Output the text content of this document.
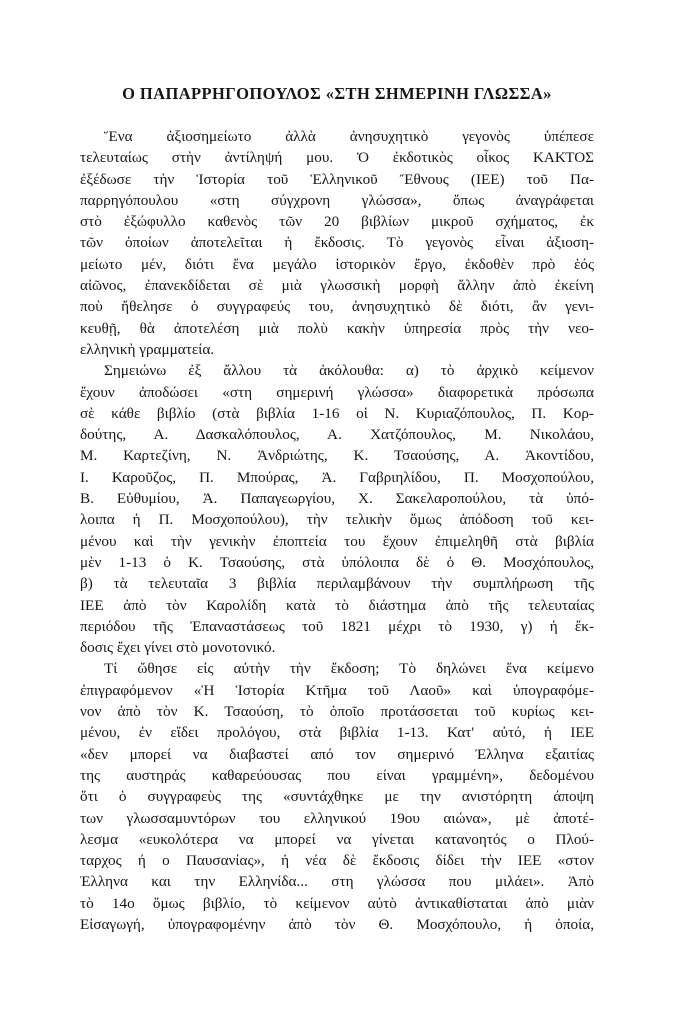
Ο ΠΑΠΑΡΡΗΓΟΠΟΥΛΟΣ «ΣΤΗ ΣΗΜΕΡΙΝΗ ΓΛΩΣΣΑ»
Ἕνα ἀξιοσημείωτο ἀλλὰ ἀνησυχητικὸ γεγονὸς ὑπέπεσε
τελευταίως στὴν ἀντίληψή μου. Ὁ ἐκδοτικὸς οἶκος ΚΑΚΤΟΣ
ἐξέδωσε τὴν Ἱστορία τοῦ Ἑλληνικοῦ Ἔθνους (ΙΕΕ) τοῦ Πα-
παρρηγόπουλου «στη σύγχρονη γλώσσα», ὅπως ἀναγράφεται
στὸ ἐξώφυλλο καθενὸς τῶν 20 βιβλίων μικροῦ σχήματος, ἐκ
τῶν ὁποίων ἀποτελεῖται ἡ ἔκδοσις. Τὸ γεγονὸς εἶναι ἀξιοση-
μείωτο μέν, διότι ἕνα μεγάλο ἱστορικὸν ἔργο, ἐκδοθὲν πρὸ ἑός
αἰῶνος, ἐπανεκδίδεται σὲ μιὰ γλωσσικὴ μορφὴ ἄλλην ἀπὸ ἐκείνη
ποὺ ἤθελησε ὁ συγγραφεύς του, ἀνησυχητικὸ δὲ διότι, ἂν γενι-
κευθῇ, θὰ ἀποτελέση μιὰ πολὺ κακὴν ὑπηρεσία πρὸς τὴν νεο-
ελληνικὴ γραμματεία.
Σημειώνω ἐξ ἄλλου τὰ ἀκόλουθα: α) τὸ ἀρχικὸ κείμενον
ἔχουν ἀποδώσει «στη σημερινή γλώσσα» διαφορετικὰ πρόσωπα
σὲ κάθε βιβλίο (στὰ βιβλία 1-16 οἱ Ν. Κυριαζόπουλος, Π. Κορ-
δούτης, Α. Δασκαλόπουλος, Α. Χατζόπουλος, Μ. Νικολάου,
Μ. Καρτεζίνη, Ν. Ἀνδριώτης, Κ. Τσαούσης, Α. Ἀκοντίδου,
Ι. Καροῦζος, Π. Μπούρας, Ἀ. Γαβριηλίδου, Π. Μοσχοπούλου,
Β. Εὐθυμίου, Ἀ. Παπαγεωργίου, Χ. Σακελαροπούλου, τὰ ὑπό-
λοιπα ἡ Π. Μοσχοπούλου), τὴν τελικὴν ὅμως ἀπόδοση τοῦ κει-
μένου καὶ τὴν γενικὴν ἐποπτεία του ἔχουν ἐπιμεληθῆ στὰ βιβλία
μὲν 1-13 ὁ Κ. Τσαούσης, στὰ ὑπόλοιπα δὲ ὁ Θ. Μοσχόπουλος,
β) τὰ τελευταῖα 3 βιβλία περιλαμβάνουν τὴν συμπλήρωση τῆς
ΙΕΕ ἀπὸ τὸν Καρολίδη κατὰ τὸ διάστημα ἀπὸ τῆς τελευταίας
περιόδου τῆς Ἐπαναστάσεως τοῦ 1821 μέχρι τὸ 1930, γ) ἡ ἔκ-
δοσις ἔχει γίνει στὸ μονοτονικό.
Τί ὤθησε εἰς αὐτὴν τὴν ἔκδοση; Τὸ δηλώνει ἕνα κείμενο
ἐπιγραφόμενον «Ἡ Ἱστορία Κτῆμα τοῦ Λαοῦ» καὶ ὑπογραφόμε-
νον ἀπὸ τὸν Κ. Τσαούση, τὸ ὁποῖο προτάσσεται τοῦ κυρίως κει-
μένου, ἐν εἴδει προλόγου, στὰ βιβλία 1-13. Κατ' αὐτό, ἡ ΙΕΕ
«δεν μπορεί να διαβαστεί από τον σημερινό Έλληνα εξαιτίας
της αυστηράς καθαρεύουσας που είναι γραμμένη», δεδομένου
ὅτι ὁ συγγραφεὺς της «συντάχθηκε με την ανιστόρητη άποψη
των γλωσσαμυντόρων του ελληνικού 19ου αιώνα», μὲ ἀποτέ-
λεσμα «ευκολότερα να μπορεί να γίνεται κατανοητός ο Πλού-
ταρχος ή ο Παυσανίας», ἡ νέα δὲ ἔκδοσις δίδει τὴν ΙΕΕ «στον
Έλληνα και την Ελληνίδα... στη γλώσσα που μιλάει». Ἀπὸ
τὸ 14ο ὅμως βιβλίο, τὸ κείμενον αὐτὸ ἀντικαθίσταται ἀπὸ μιὰν
Εἰσαγωγή, ὑπογραφομένην ἀπὸ τὸν Θ. Μοσχόπουλο, ἡ ὁποία,
